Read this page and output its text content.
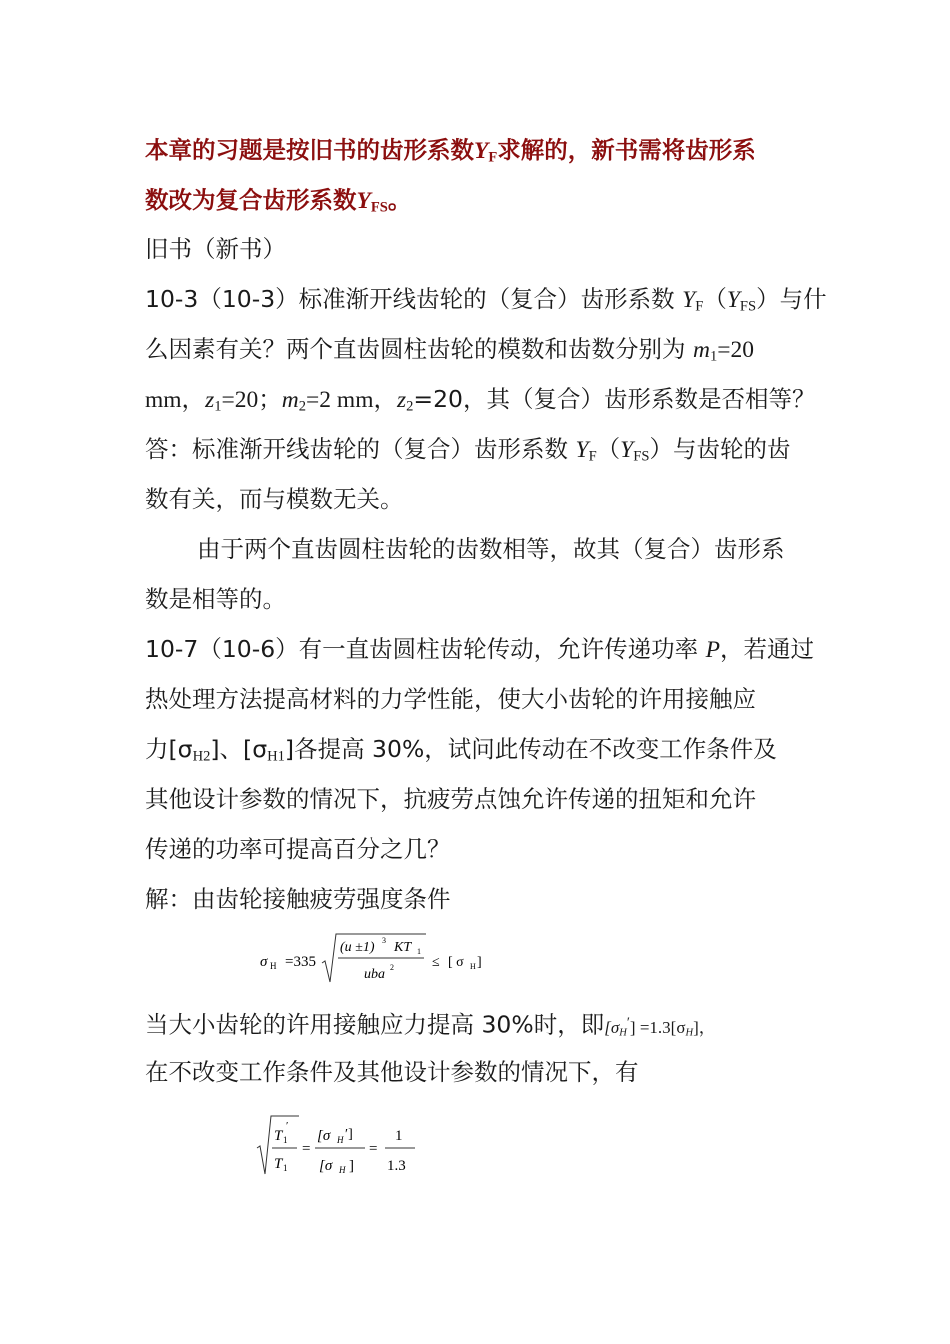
本章的习题是按旧书的齿形系数$Y_F$求解的，新书需将齿形系
数改为复合齿形系数$Y_{FS}$。
旧书（新书）
10-3（10-3）标准渐开线齿轮的（复合）齿形系数 $Y_F(Y_{FS})$与什
么因素有关？两个直齿圆柱齿轮的模数和齿数分别为 $m_1=20$
mm，$z_1=20$；$m_2=2$ mm，$z_2=20$，其（复合）齿形系数是否相等？
答：标准渐开线齿轮的（复合）齿形系数 $Y_F(Y_{FS})$与齿轮的齿
数有关，而与模数无关。
由于两个直齿圆柱齿轮的齿数相等，故其（复合）齿形系
数是相等的。
10-7（10-6）有一直齿圆柱齿轮传动，允许传递功率 P，若通过
热处理方法提高材料的力学性能，使大小齿轮的许用接触应
力$[\sigma_{H2}]$、$[\sigma_{H1}]$各提高 30%，试问此传动在不改变工作条件及
其他设计参数的情况下，抗疲劳点蚀允许传递的扭矩和允许
传递的功率可提高百分之几？
解：由齿轮接触疲劳强度条件
σ H =335
(u ±1) 3 KT 1
uba 2	≤ [ σ H ]
当大小齿轮的许用接触应力提高 30%时，即[σH′] =1.3[σH]，
在不改变工作条件及其他设计参数的情况下，有
T 1
′
T 1
=
[σ H ′]
[σ H ]
=
1
1.3
